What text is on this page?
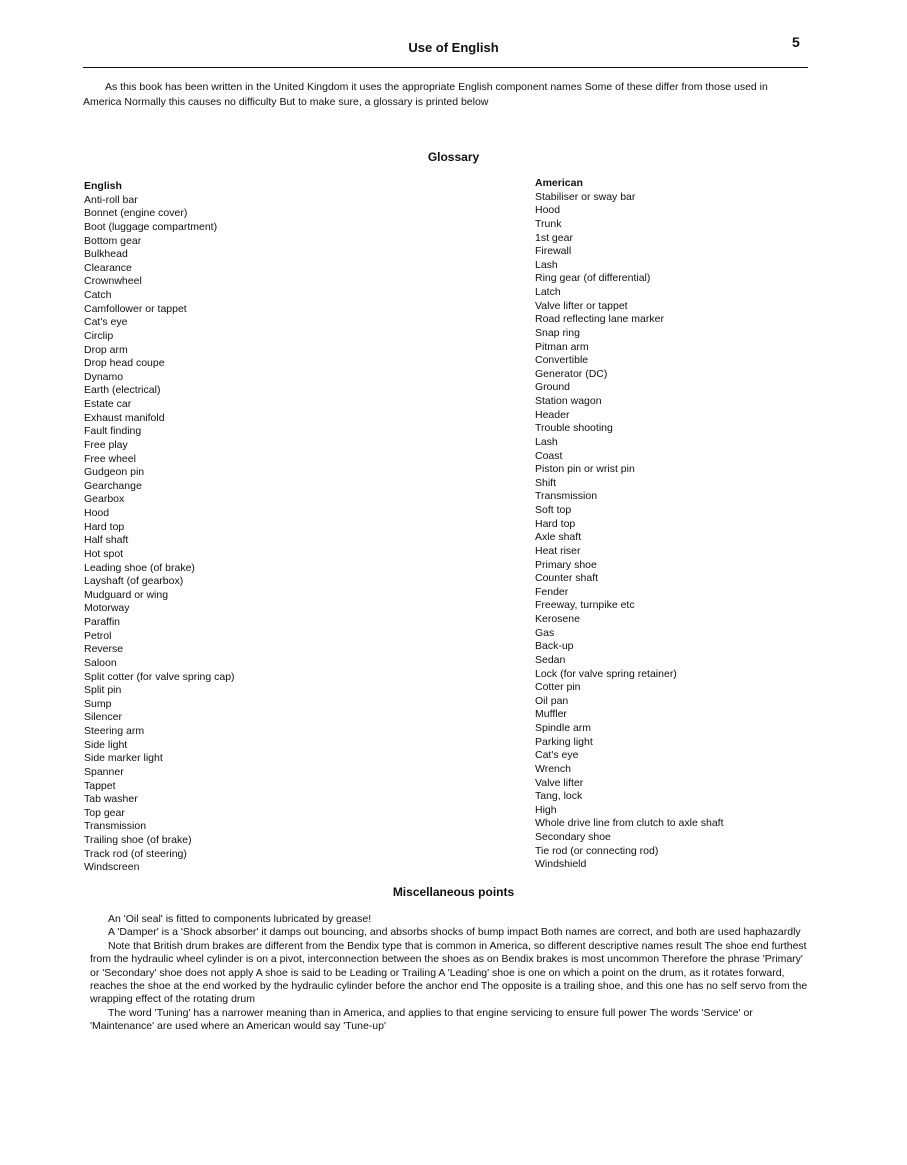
Use of English	5

As this book has been written in the United Kingdom it uses the appropriate English component names Some of these differ from those used in America Normally this causes no difficulty But to make sure, a glossary is printed below

Glossary
English
Anti-roll bar
Bonnet (engine cover)
Boot (luggage compartment)
Bottom gear
Bulkhead
Clearance
Crownwheel
Catch
Camfollower or tappet
Cat's eye
Circlip
Drop arm
Drop head coupe
Dynamo
Earth (electrical)
Estate car
Exhaust manifold
Fault finding
Free play
Free wheel
Gudgeon pin
Gearchange
Gearbox
Hood
Hard top
Half shaft
Hot spot
Leading shoe (of brake)
Layshaft (of gearbox)
Mudguard or wing
Motorway
Paraffin
Petrol
Reverse
Saloon
Split cotter (for valve spring cap)
Split pin
Sump
Silencer
Steering arm
Side light
Side marker light
Spanner
Tappet
Tab washer
Top gear
Transmission
Trailing shoe (of brake)
Track rod (of steering)
Windscreen
American
Stabiliser or sway bar
Hood
Trunk
1st gear
Firewall
Lash
Ring gear (of differential)
Latch
Valve lifter or tappet
Road reflecting lane marker
Snap ring
Pitman arm
Convertible
Generator (DC)
Ground
Station wagon
Header
Trouble shooting
Lash
Coast
Piston pin or wrist pin
Shift
Transmission
Soft top
Hard top
Axle shaft
Heat riser
Primary shoe
Counter shaft
Fender
Freeway, turnpike etc
Kerosene
Gas
Back-up
Sedan
Lock (for valve spring retainer)
Cotter pin
Oil pan
Muffler
Spindle arm
Parking light
Cat's eye
Wrench
Valve lifter
Tang, lock
High
Whole drive line from clutch to axle shaft
Secondary shoe
Tie rod (or connecting rod)
Windshield
Miscellaneous points

An 'Oil seal' is fitted to components lubricated by grease!

A 'Damper' is a 'Shock absorber' it damps out bouncing, and absorbs shocks of bump impact Both names are correct, and both are used haphazardly

Note that British drum brakes are different from the Bendix type that is common in America, so different descriptive names result The shoe end furthest from the hydraulic wheel cylinder is on a pivot, interconnection between the shoes as on Bendix brakes is most uncommon Therefore the phrase 'Primary' or 'Secondary' shoe does not apply A shoe is said to be Leading or Trailing A 'Leading' shoe is one on which a point on the drum, as it rotates forward, reaches the shoe at the end worked by the hydraulic cylinder before the anchor end The opposite is a trailing shoe, and this one has no self servo from the wrapping effect of the rotating drum

The word 'Tuning' has a narrower meaning than in America, and applies to that engine servicing to ensure full power The words 'Service' or 'Maintenance' are used where an American would say 'Tune-up'
